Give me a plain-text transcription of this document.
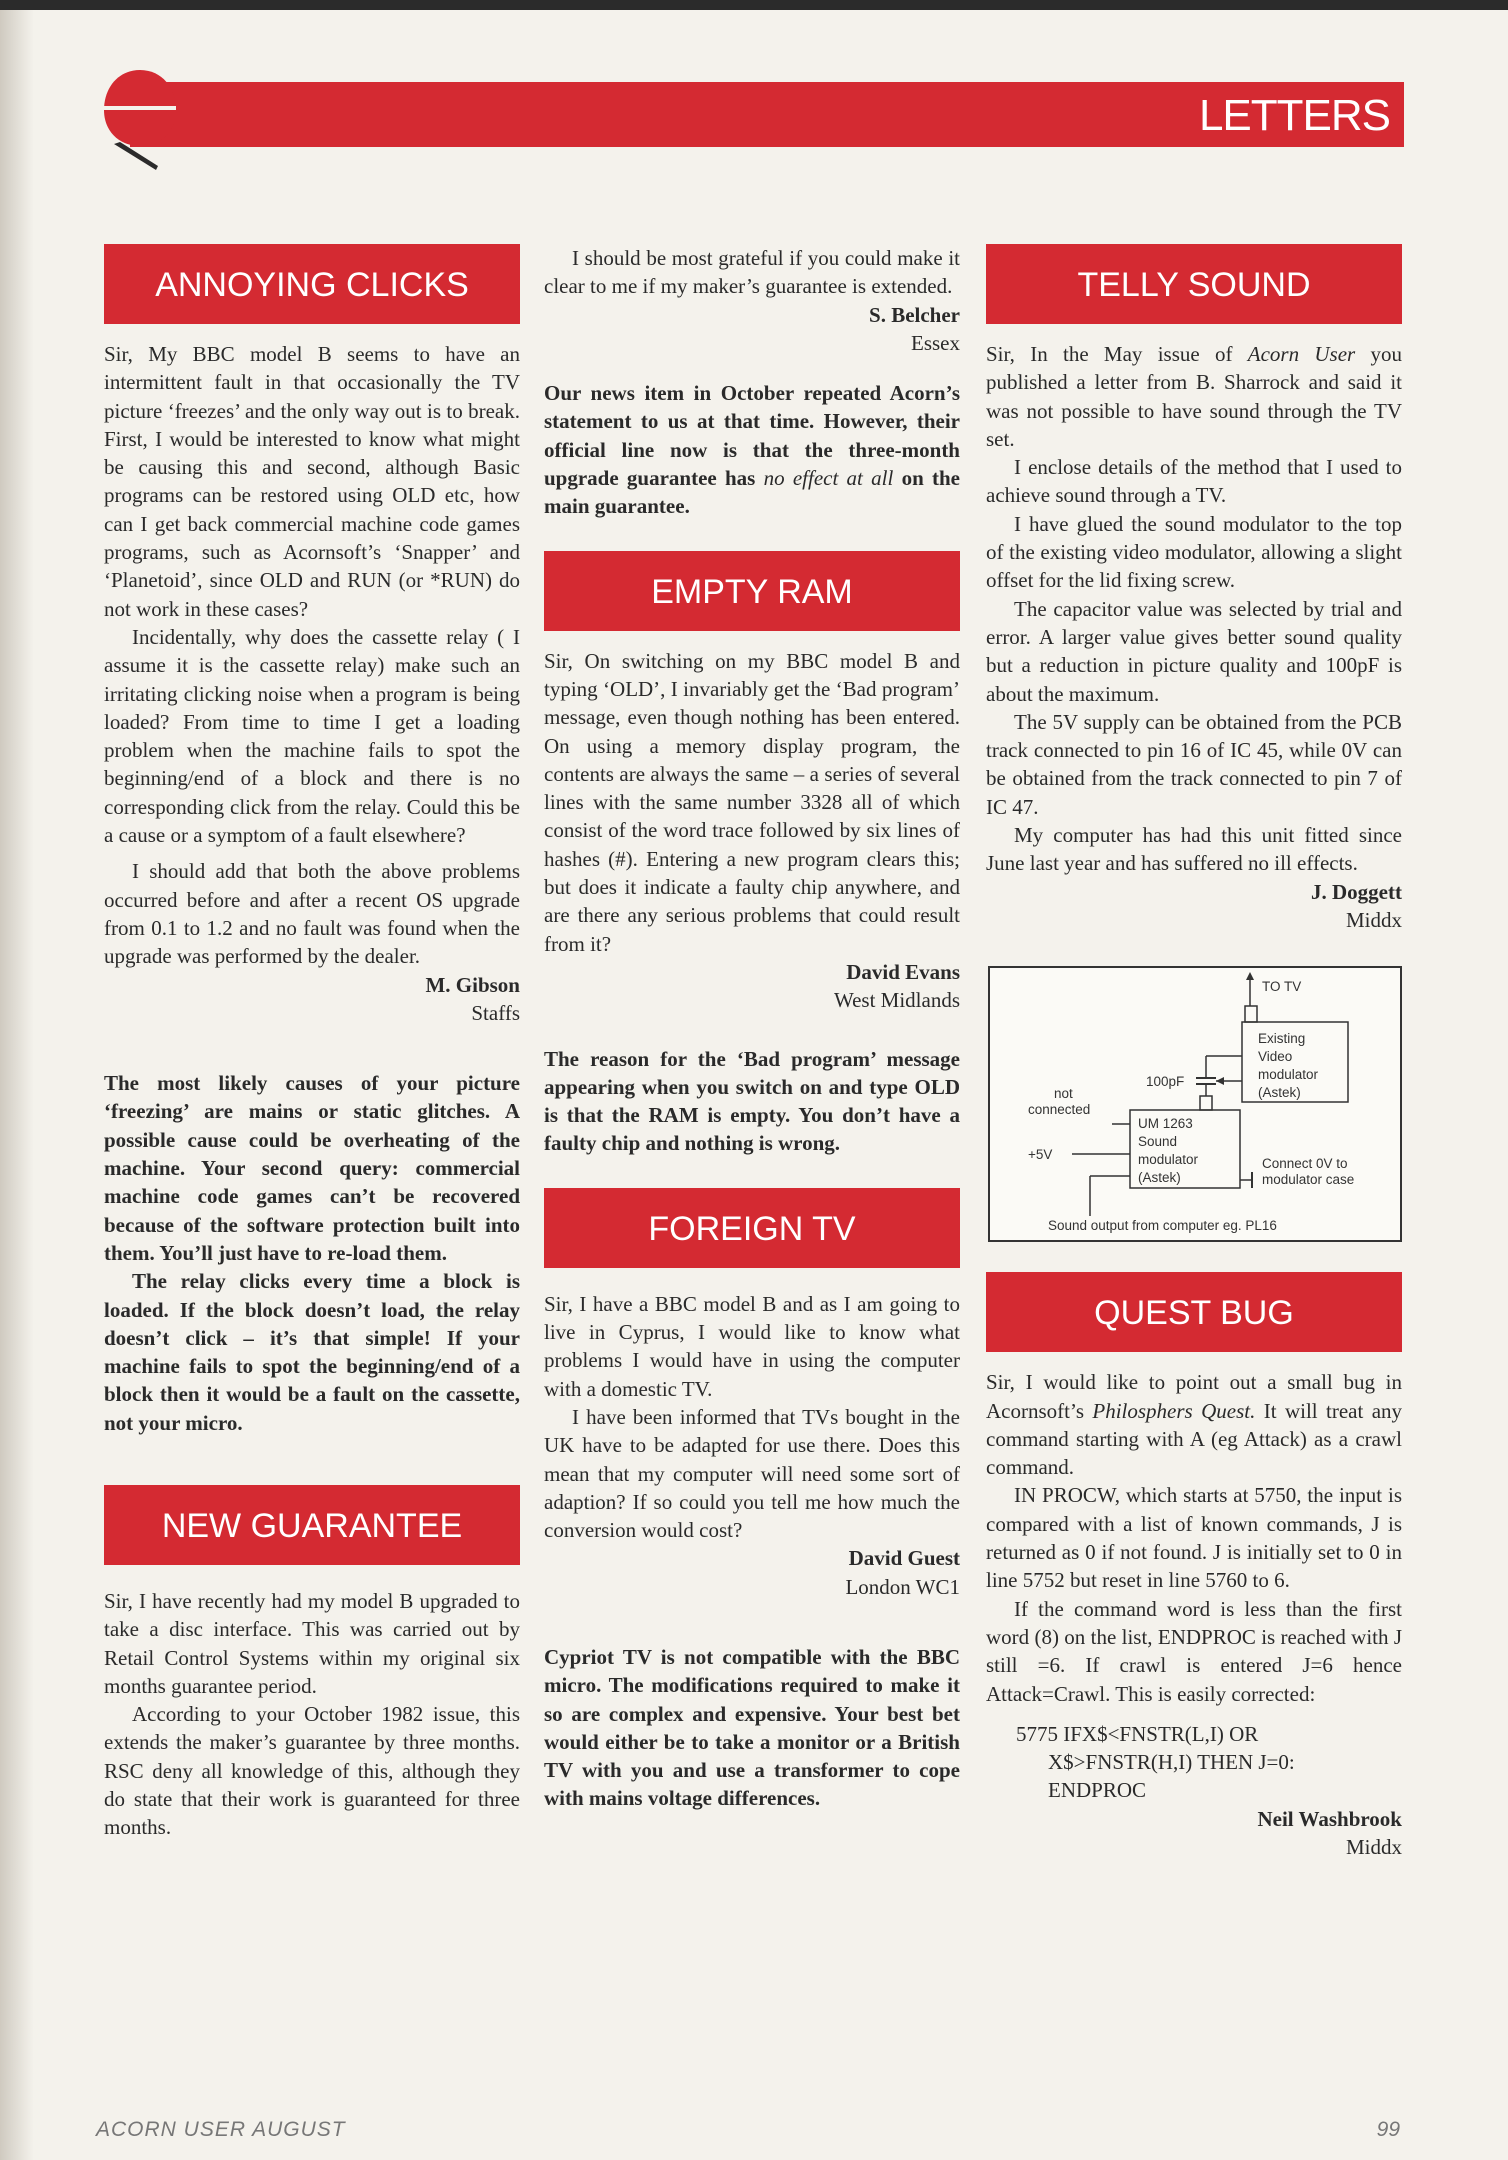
LETTERS
ANNOYING CLICKS

Sir, My BBC model B seems to have an intermittent fault in that occasionally the TV picture ‘freezes’ and the only way out is to break. First, I would be interested to know what might be causing this and second, although Basic programs can be restored using OLD etc, how can I get back commercial machine code games programs, such as Acornsoft’s ‘Snapper’ and ‘Planetoid’, since OLD and RUN (or *RUN) do not work in these cases?

Incidentally, why does the cassette relay ( I assume it is the cassette relay) make such an irritating clicking noise when a program is being loaded? From time to time I get a loading problem when the machine fails to spot the beginning/end of a block and there is no corresponding click from the relay. Could this be a cause or a symptom of a fault elsewhere?

I should add that both the above problems occurred before and after a recent OS upgrade from 0.1 to 1.2 and no fault was found when the upgrade was performed by the dealer.

M. Gibson
Staffs

The most likely causes of your picture ‘freezing’ are mains or static glitches. A possible cause could be overheating of the machine. Your second query: commercial machine code games can’t be recovered because of the software protection built into them. You’ll just have to re-load them.

The relay clicks every time a block is loaded. If the block doesn’t load, the relay doesn’t click – it’s that simple! If your machine fails to spot the beginning/end of a block then it would be a fault on the cassette, not your micro.

NEW GUARANTEE

Sir, I have recently had my model B upgraded to take a disc interface. This was carried out by Retail Control Systems within my original six months guarantee period.

According to your October 1982 issue, this extends the maker’s guarantee by three months. RSC deny all knowledge of this, although they do state that their work is guaranteed for three months.

I should be most grateful if you could make it clear to me if my maker’s guarantee is extended.

S. Belcher
Essex

Our news item in October repeated Acorn’s statement to us at that time. However, their official line now is that the three-month upgrade guarantee has no effect at all on the main guarantee.

EMPTY RAM

Sir, On switching on my BBC model B and typing ‘OLD’, I invariably get the ‘Bad program’ message, even though nothing has been entered. On using a memory display program, the contents are always the same – a series of several lines with the same number 3328 all of which consist of the word trace followed by six lines of hashes (#). Entering a new program clears this; but does it indicate a faulty chip anywhere, and are there any serious problems that could result from it?

David Evans
West Midlands

The reason for the ‘Bad program’ message appearing when you switch on and type OLD is that the RAM is empty. You don’t have a faulty chip and nothing is wrong.

FOREIGN TV

Sir, I have a BBC model B and as I am going to live in Cyprus, I would like to know what problems I would have in using the computer with a domestic TV.

I have been informed that TVs bought in the UK have to be adapted for use there. Does this mean that my computer will need some sort of adaption? If so could you tell me how much the conversion would cost?

David Guest
London WC1

Cypriot TV is not compatible with the BBC micro. The modifications required to make it so are complex and expensive. Your best bet would either be to take a monitor or a British TV with you and use a transformer to cope with mains voltage differences.

TELLY SOUND

Sir, In the May issue of Acorn User you published a letter from B. Sharrock and said it was not possible to have sound through the TV set.

I enclose details of the method that I used to achieve sound through a TV.

I have glued the sound modulator to the top of the existing video modulator, allowing a slight offset for the lid fixing screw.

The capacitor value was selected by trial and error. A larger value gives better sound quality but a reduction in picture quality and 100pF is about the maximum.

The 5V supply can be obtained from the PCB track connected to pin 16 of IC 45, while 0V can be obtained from the track connected to pin 7 of IC 47.

My computer has had this unit fitted since June last year and has suffered no ill effects.

J. Doggett
Middx
TO TV
Existing
Video
modulator
(Astek)
100pF
UM 1263
Sound
modulator
(Astek)
not
connected
+5V
Sound output from computer eg. PL16
Connect 0V to
modulator case
QUEST BUG

Sir, I would like to point out a small bug in Acornsoft’s Philosphers Quest. It will treat any command starting with A (eg Attack) as a crawl command.

IN PROCW, which starts at 5750, the input is compared with a list of known commands, J is returned as 0 if not found. J is initially set to 0 in line 5752 but reset in line 5760 to 6.

If the command word is less than the first word (8) on the list, ENDPROC is reached with J still =6. If crawl is entered J=6 hence Attack=Crawl. This is easily corrected:

5775 IFX$<FNSTR(L,I) OR
X$>FNSTR(H,I) THEN J=0:
ENDPROC
Neil Washbrook
Middx
ACORN USER AUGUST	99
